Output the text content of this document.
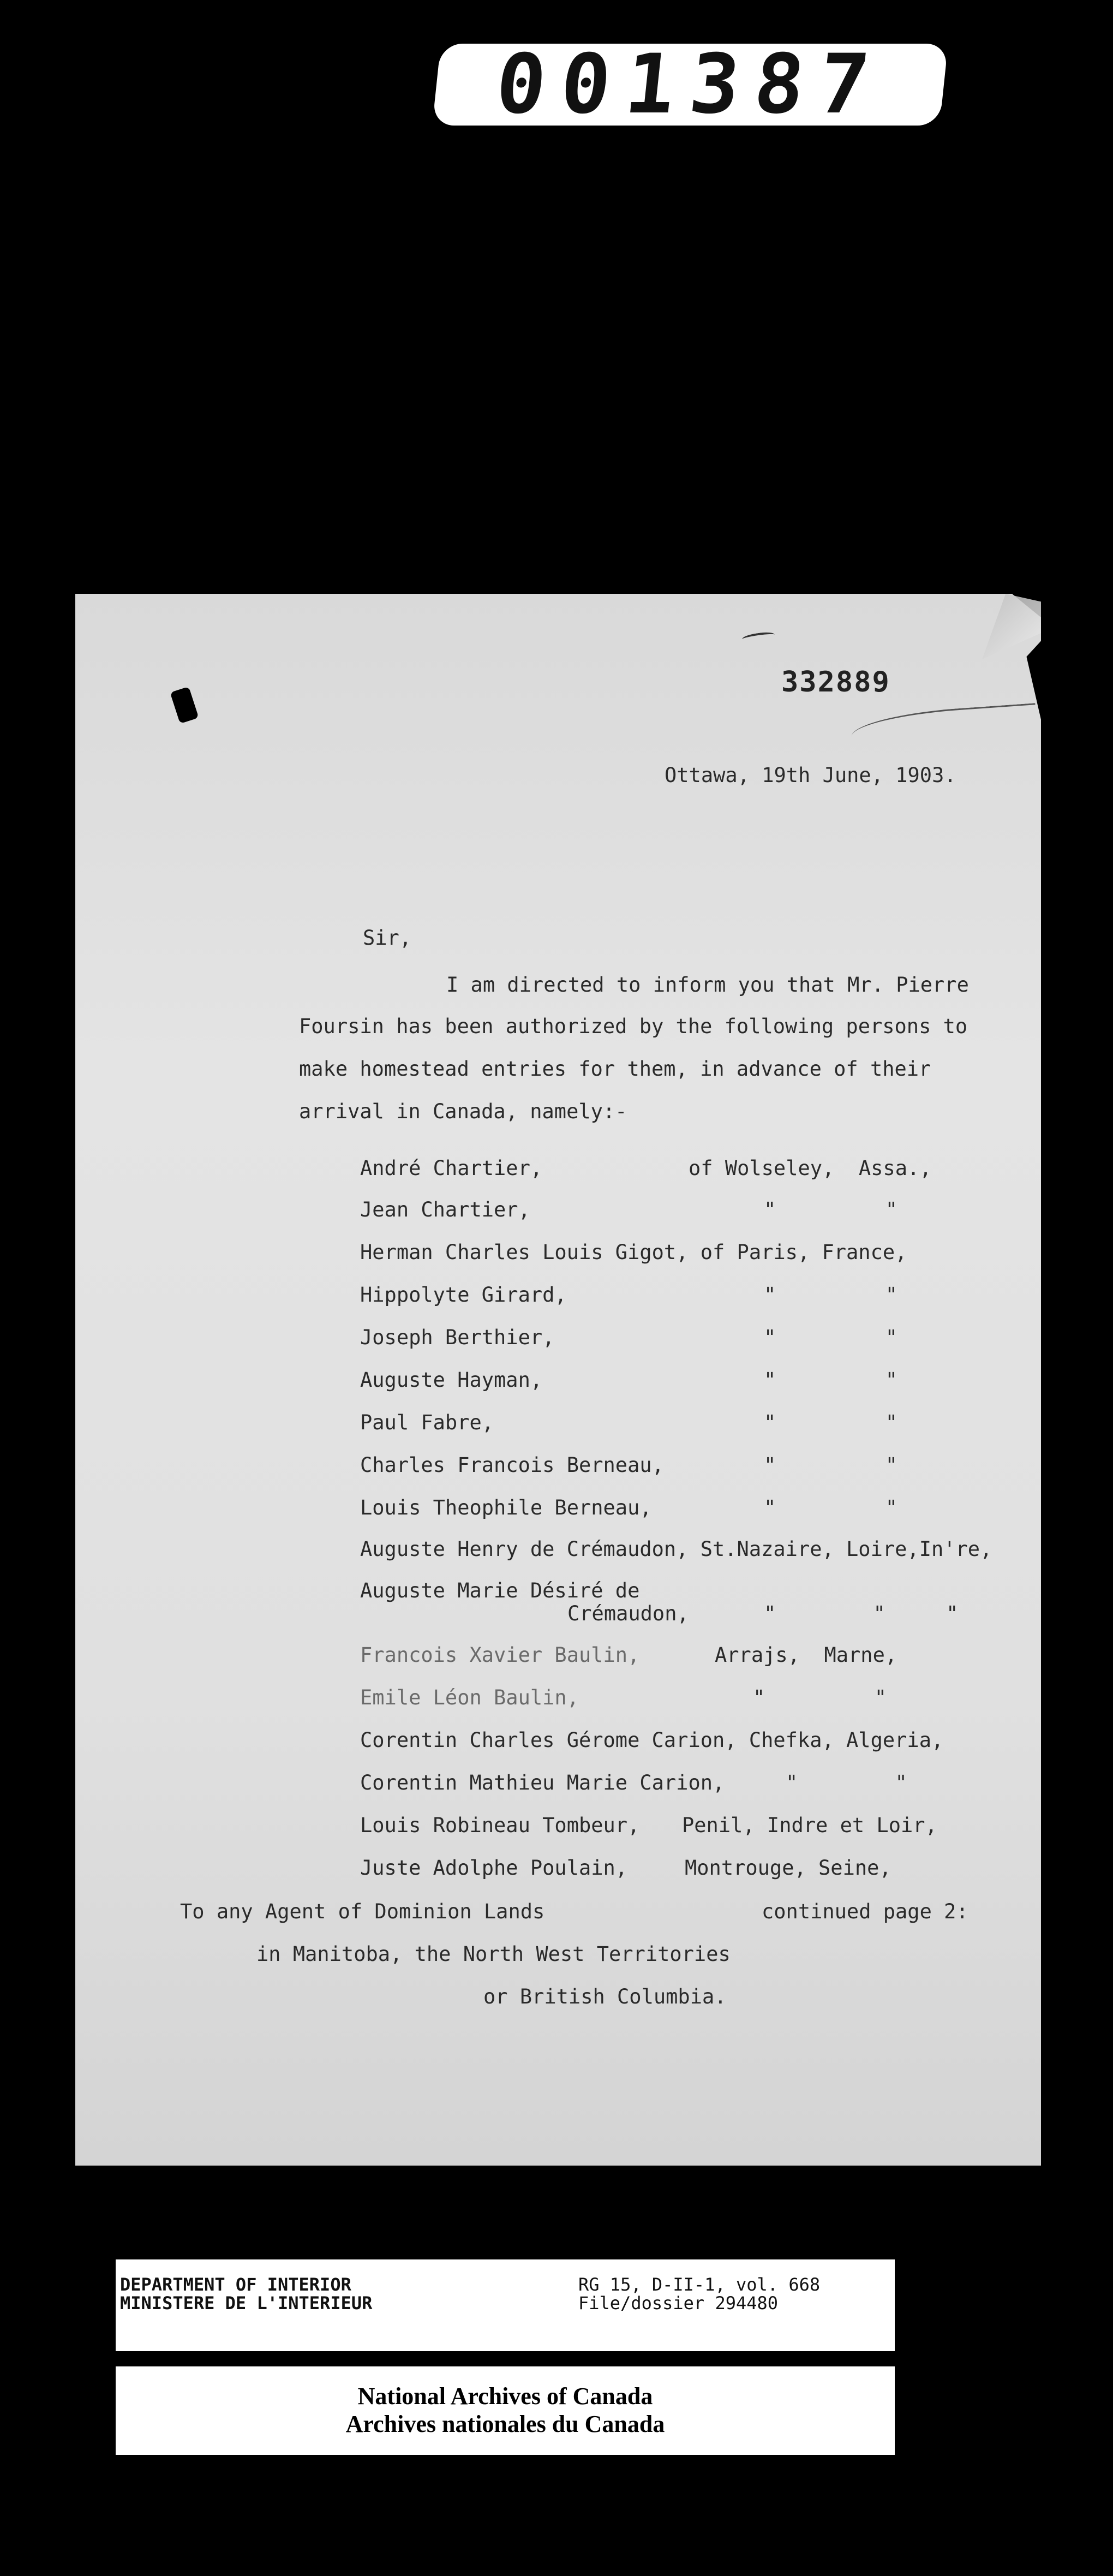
001387
332889
Ottawa, 19th June, 1903.
Sir,
I am directed to inform you that Mr. Pierre
Foursin has been authorized by the following persons to
make homestead entries for them, in advance of their
arrival in Canada, namely:-
André Chartier,	of Wolseley,  Assa.,
Jean Chartier,	"         "
Herman Charles Louis Gigot, of Paris, France,
Hippolyte Girard,	"         "
Joseph Berthier,	"         "
Auguste Hayman,	"         "
Paul Fabre,	"         "
Charles Francois Berneau,	"         "
Louis Theophile Berneau,	"         "
Auguste Henry de Crémaudon, St.Nazaire, Loire,In're,
Auguste Marie Désiré de
Crémaudon,	"        "     "
Francois Xavier Baulin,	Arrajs,  Marne,
Emile Léon Baulin,	"         "
Corentin Charles Gérome Carion, Chefka, Algeria,
Corentin Mathieu Marie Carion,	"        "
Louis Robineau Tombeur, Penil, Indre et Loir,
Juste Adolphe Poulain,	Montrouge, Seine,
To any Agent of Dominion Lands	continued page 2:
in Manitoba, the North West Territories
or British Columbia.
DEPARTMENT OF INTERIOR
MINISTERE DE L'INTERIEUR
RG 15, D-II-1, vol. 668
File/dossier 294480
National Archives of Canada
Archives nationales du Canada
